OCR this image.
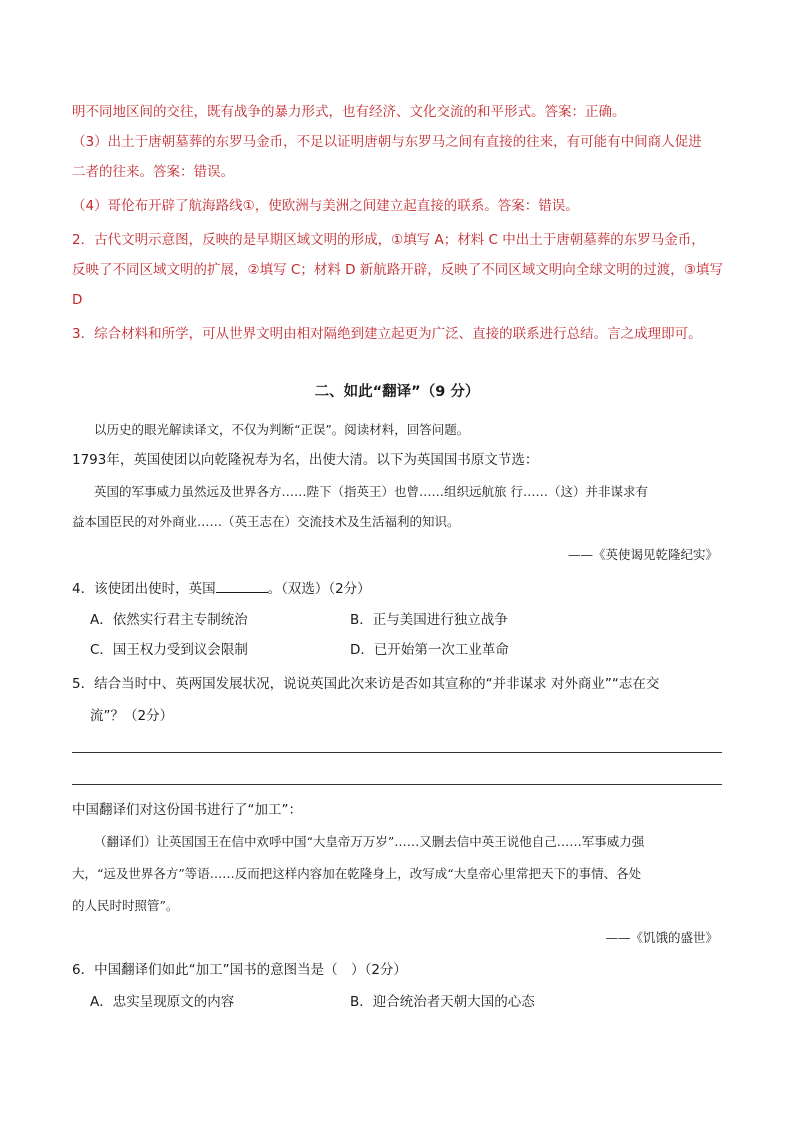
明不同地区间的交往，既有战争的暴力形式，也有经济、文化交流的和平形式。答案：正确。
（3）出土于唐朝墓葬的东罗马金币，不足以证明唐朝与东罗马之间有直接的往来，有可能有中间商人促进
二者的往来。答案：错误。
（4）哥伦布开辟了航海路线①，使欧洲与美洲之间建立起直接的联系。答案：错误。
2．古代文明示意图，反映的是早期区域文明的形成，①填写 A；材料 C 中出土于唐朝墓葬的东罗马金币，
反映了不同区域文明的扩展，②填写 C；材料 D 新航路开辟，反映了不同区域文明向全球文明的过渡，③填写
D
3．综合材料和所学，可从世界文明由相对隔绝到建立起更为广泛、直接的联系进行总结。言之成理即可。
二、如此“翻译”（9 分）
以历史的眼光解读译文，不仅为判断“正误”。阅读材料，回答问题。
1793年，英国使团以向乾隆祝寿为名，出使大清。以下为英国国书原文节选：
英国的军事威力虽然远及世界各方……陛下（指英王）也曾……组织远航旅 行……（这）并非谋求有
益本国臣民的对外商业……（英王志在）交流技术及生活福利的知识。
——《英使谒见乾隆纪实》
4．该使团出使时，英国	。（双选）（2分）
A．依然实行君主专制统治	B．正与美国进行独立战争
C．国王权力受到议会限制	D．已开始第一次工业革命
5．结合当时中、英两国发展状况，说说英国此次来访是否如其宣称的“并非谋求 对外商业”“志在交
流”？（2分）
中国翻译们对这份国书进行了“加工”：
（翻译们）让英国国王在信中欢呼中国“大皇帝万万岁”……又删去信中英王说他自己……军事威力强
大，“远及世界各方”等语……反而把这样内容加在乾隆身上，改写成“大皇帝心里常把天下的事情、各处
的人民时时照管”。
——《饥饿的盛世》
6．中国翻译们如此“加工”国书的意图当是（　）（2分）
A．忠实呈现原文的内容	B．迎合统治者天朝大国的心态
